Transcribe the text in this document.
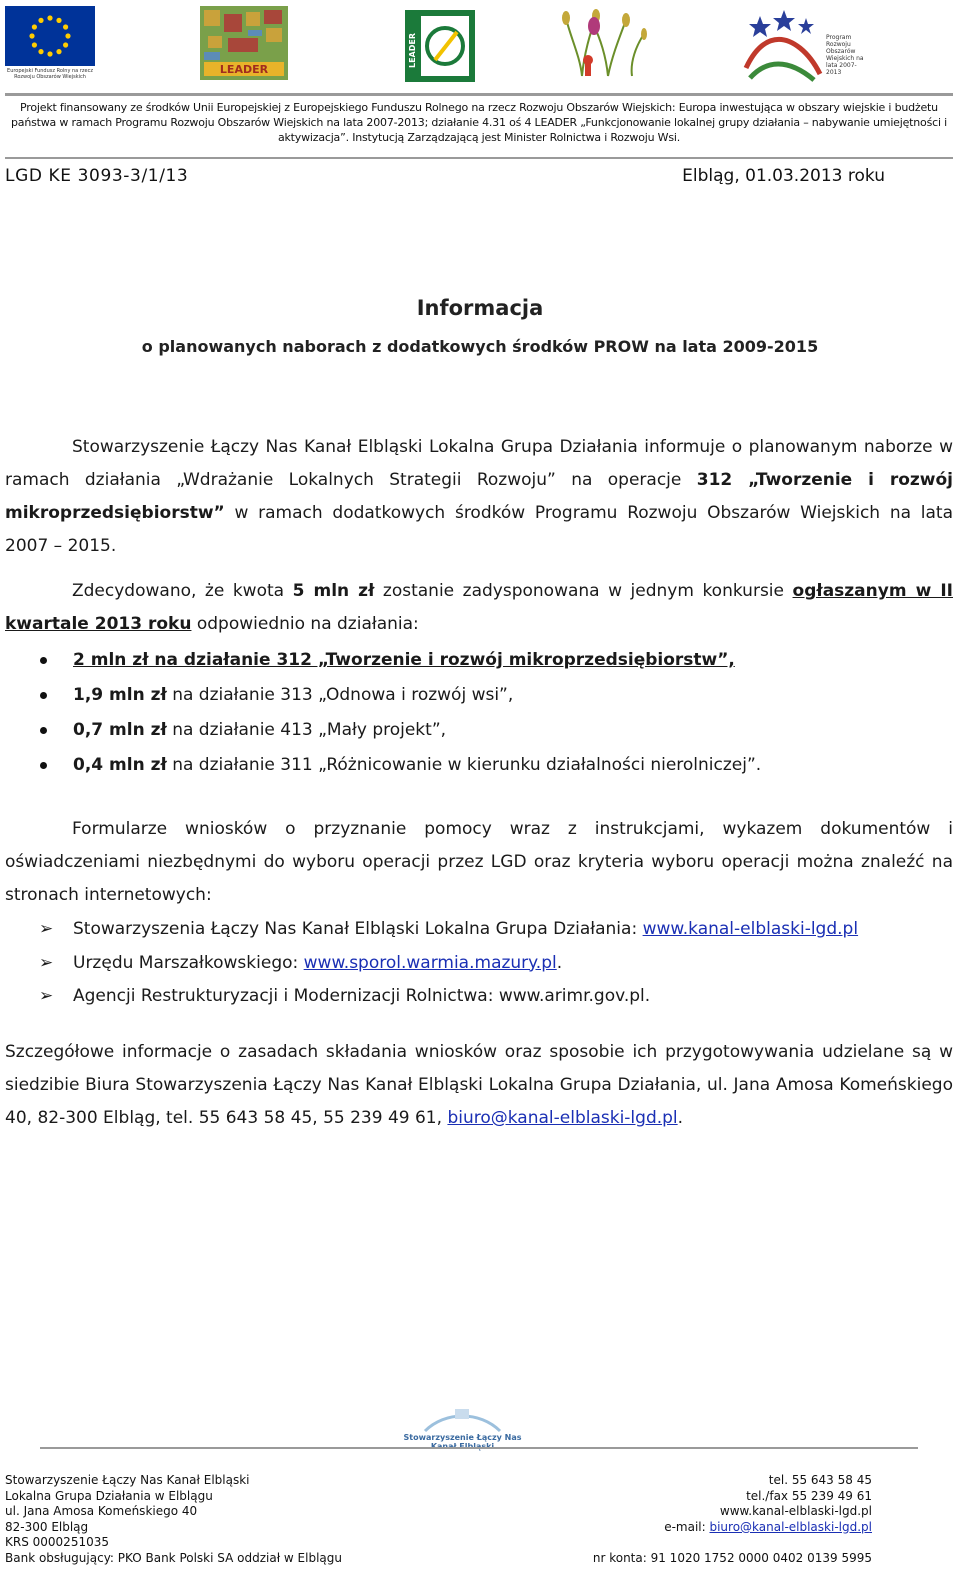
Europejski Fundusz Rolny na rzecz Rozwoju Obszarów Wiejskich
LEADER
LEADER	Program Rozwoju Obszarów Wiejskich na lata 2007-2013

Projekt finansowany ze środków Unii Europejskiej z Europejskiego Funduszu Rolnego na rzecz Rozwoju Obszarów Wiejskich: Europa inwestująca w obszary wiejskie i budżetu państwa w ramach Programu Rozwoju Obszarów Wiejskich na lata 2007-2013; działanie 4.31 oś 4 LEADER „Funkcjonowanie lokalnej grupy działania – nabywanie umiejętności i aktywizacja”. Instytucją Zarządzającą jest Minister Rolnictwa i Rozwoju Wsi.

LGD KE 3093-3/1/13	Elbląg, 01.03.2013 roku
Informacja
o planowanych naborach z dodatkowych środków PROW na lata 2009-2015

Stowarzyszenie Łączy Nas Kanał Elbląski Lokalna Grupa Działania informuje o planowanym naborze w ramach działania „Wdrażanie Lokalnych Strategii Rozwoju” na operacje 312 „Tworzenie i rozwój mikroprzedsiębiorstw” w ramach dodatkowych środków Programu Rozwoju Obszarów Wiejskich na lata 2007 – 2015.

Zdecydowano, że kwota 5 mln zł zostanie zadysponowana w jednym konkursie ogłaszanym w II kwartale 2013 roku odpowiednio na działania:

2 mln zł na działanie 312 „Tworzenie i rozwój mikroprzedsiębiorstw”,
1,9 mln zł na działanie 313 „Odnowa i rozwój wsi”,
0,7 mln zł na działanie 413 „Mały projekt”,
0,4 mln zł na działanie 311 „Różnicowanie w kierunku działalności nierolniczej”.

Formularze wniosków o przyznanie pomocy wraz z instrukcjami, wykazem dokumentów i oświadczeniami niezbędnymi do wyboru operacji przez LGD oraz kryteria wyboru operacji można znaleźć na stronach internetowych:

➢ Stowarzyszenia Łączy Nas Kanał Elbląski Lokalna Grupa Działania: www.kanal-elblaski-lgd.pl
➢ Urzędu Marszałkowskiego: www.sporol.warmia.mazury.pl.
➢ Agencji Restrukturyzacji i Modernizacji Rolnictwa: www.arimr.gov.pl.

Szczegółowe informacje o zasadach składania wniosków oraz sposobie ich przygotowywania udzielane są w siedzibie Biura Stowarzyszenia Łączy Nas Kanał Elbląski Lokalna Grupa Działania, ul. Jana Amosa Komeńskiego 40, 82-300 Elbląg, tel. 55 643 58 45, 55 239 49 61, biuro@kanal-elblaski-lgd.pl.

Stowarzyszenie Łączy Nas
Stowarzyszenie Łączy Nas Kanał Elbląski
Lokalna Grupa Działania w Elblągu
ul. Jana Amosa Komeńskiego 40
82-300 Elbląg
KRS 0000251035
Bank obsługujący: PKO Bank Polski SA oddział w Elblągu
tel. 55 643 58 45
tel./fax 55 239 49 61
www.kanal-elblaski-lgd.pl
e-mail: biuro@kanal-elblaski-lgd.pl
nr konta: 91 1020 1752 0000 0402 0139 5995
